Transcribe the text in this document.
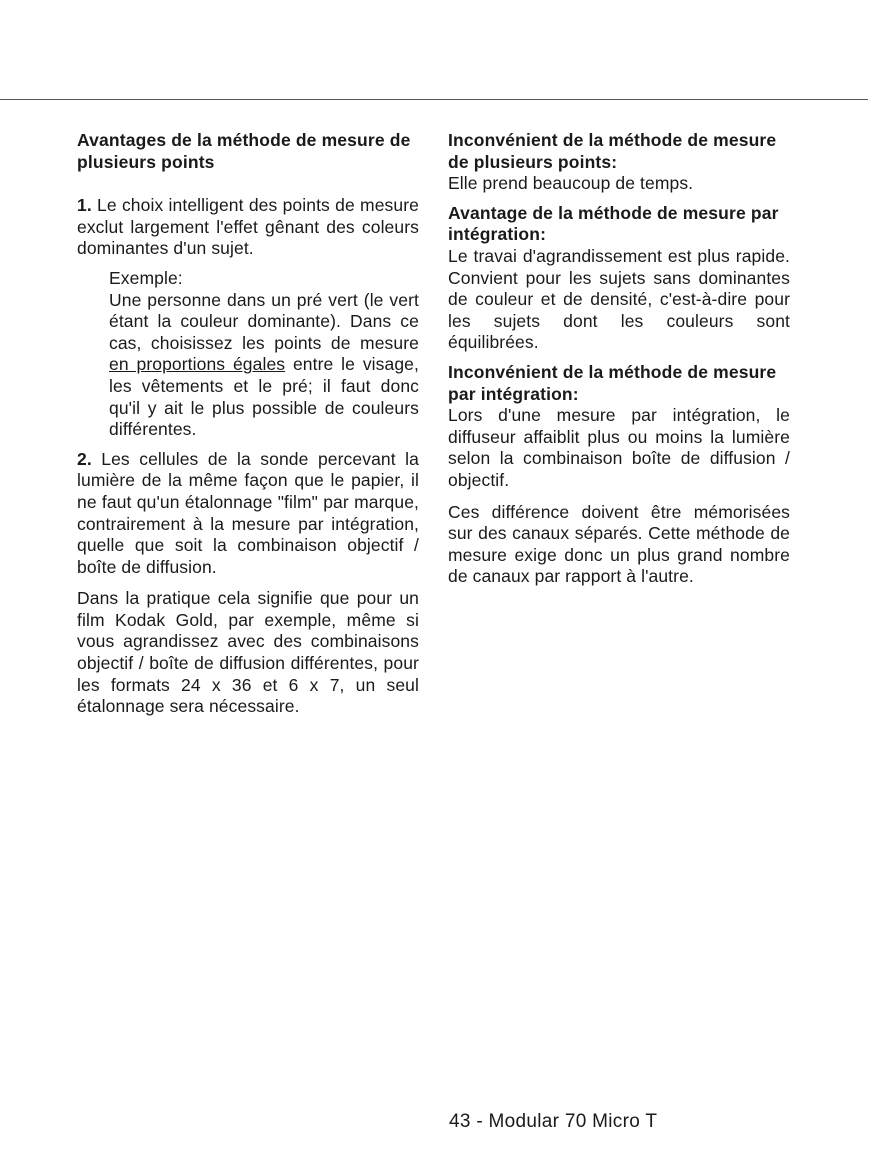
Avantages de la méthode de mesure de plusieurs points

1. Le choix intelligent des points de mesure exclut largement l'effet gênant des coleurs dominantes d'un sujet.

Exemple:

Une personne dans un pré vert (le vert étant la couleur dominante). Dans ce cas, choisissez les points de mesure en proportions égales entre le visage, les vêtements et le pré; il faut donc qu'il y ait le plus possible de couleurs différentes.

2. Les cellules de la sonde percevant la lumière de la même façon que le papier, il ne faut qu'un étalonnage "film" par marque, contrairement à la mesure par intégration, quelle que soit la combinaison objectif / boîte de diffusion.

Dans la pratique cela signifie que pour un film Kodak Gold, par exemple, même si vous agrandissez avec des combinaisons objectif / boîte de diffusion différentes, pour les formats 24 x 36 et 6 x 7, un seul étalonnage sera nécessaire.

Inconvénient de la méthode de mesure de plusieurs points:

Elle prend beaucoup de temps.

Avantage de la méthode de mesure par intégration:

Le travai d'agrandissement est plus rapide. Convient pour les sujets sans dominantes de couleur et de densité, c'est-à-dire pour les sujets dont les couleurs sont équilibrées.

Inconvénient de la méthode de mesure par intégration:

Lors d'une mesure par intégration, le diffuseur affaiblit plus ou moins la lumière selon la combinaison boîte de diffusion / objectif.

Ces différence doivent être mémorisées sur des canaux séparés. Cette méthode de mesure exige donc un plus grand nombre de canaux par rapport à l'autre.

43 - Modular 70 Micro T
